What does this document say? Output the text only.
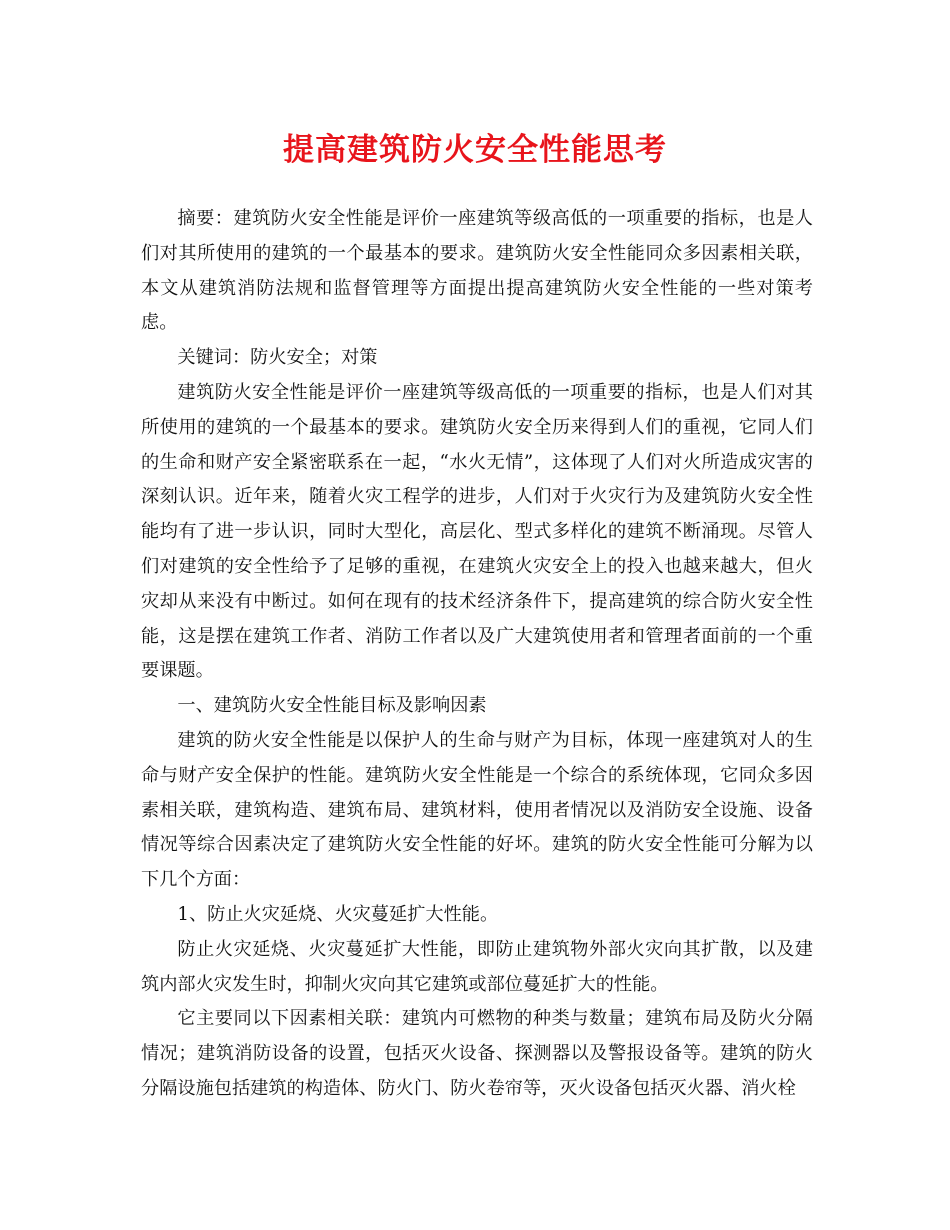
提高建筑防火安全性能思考

摘要：建筑防火安全性能是评价一座建筑等级高低的一项重要的指标，也是人们对其所使用的建筑的一个最基本的要求。建筑防火安全性能同众多因素相关联，本文从建筑消防法规和监督管理等方面提出提高建筑防火安全性能的一些对策考虑。

关键词：防火安全；对策

建筑防火安全性能是评价一座建筑等级高低的一项重要的指标，也是人们对其所使用的建筑的一个最基本的要求。建筑防火安全历来得到人们的重视，它同人们的生命和财产安全紧密联系在一起，“水火无情”，这体现了人们对火所造成灾害的深刻认识。近年来，随着火灾工程学的进步，人们对于火灾行为及建筑防火安全性能均有了进一步认识，同时大型化，高层化、型式多样化的建筑不断涌现。尽管人们对建筑的安全性给予了足够的重视，在建筑火灾安全上的投入也越来越大，但火灾却从来没有中断过。如何在现有的技术经济条件下，提高建筑的综合防火安全性能，这是摆在建筑工作者、消防工作者以及广大建筑使用者和管理者面前的一个重要课题。

一、建筑防火安全性能目标及影响因素

建筑的防火安全性能是以保护人的生命与财产为目标，体现一座建筑对人的生命与财产安全保护的性能。建筑防火安全性能是一个综合的系统体现，它同众多因素相关联，建筑构造、建筑布局、建筑材料，使用者情况以及消防安全设施、设备情况等综合因素决定了建筑防火安全性能的好坏。建筑的防火安全性能可分解为以下几个方面：

1、防止火灾延烧、火灾蔓延扩大性能。

防止火灾延烧、火灾蔓延扩大性能，即防止建筑物外部火灾向其扩散，以及建筑内部火灾发生时，抑制火灾向其它建筑或部位蔓延扩大的性能。

它主要同以下因素相关联：建筑内可燃物的种类与数量；建筑布局及防火分隔情况；建筑消防设备的设置，包括灭火设备、探测器以及警报设备等。建筑的防火分隔设施包括建筑的构造体、防火门、防火卷帘等，灭火设备包括灭火器、消火栓
